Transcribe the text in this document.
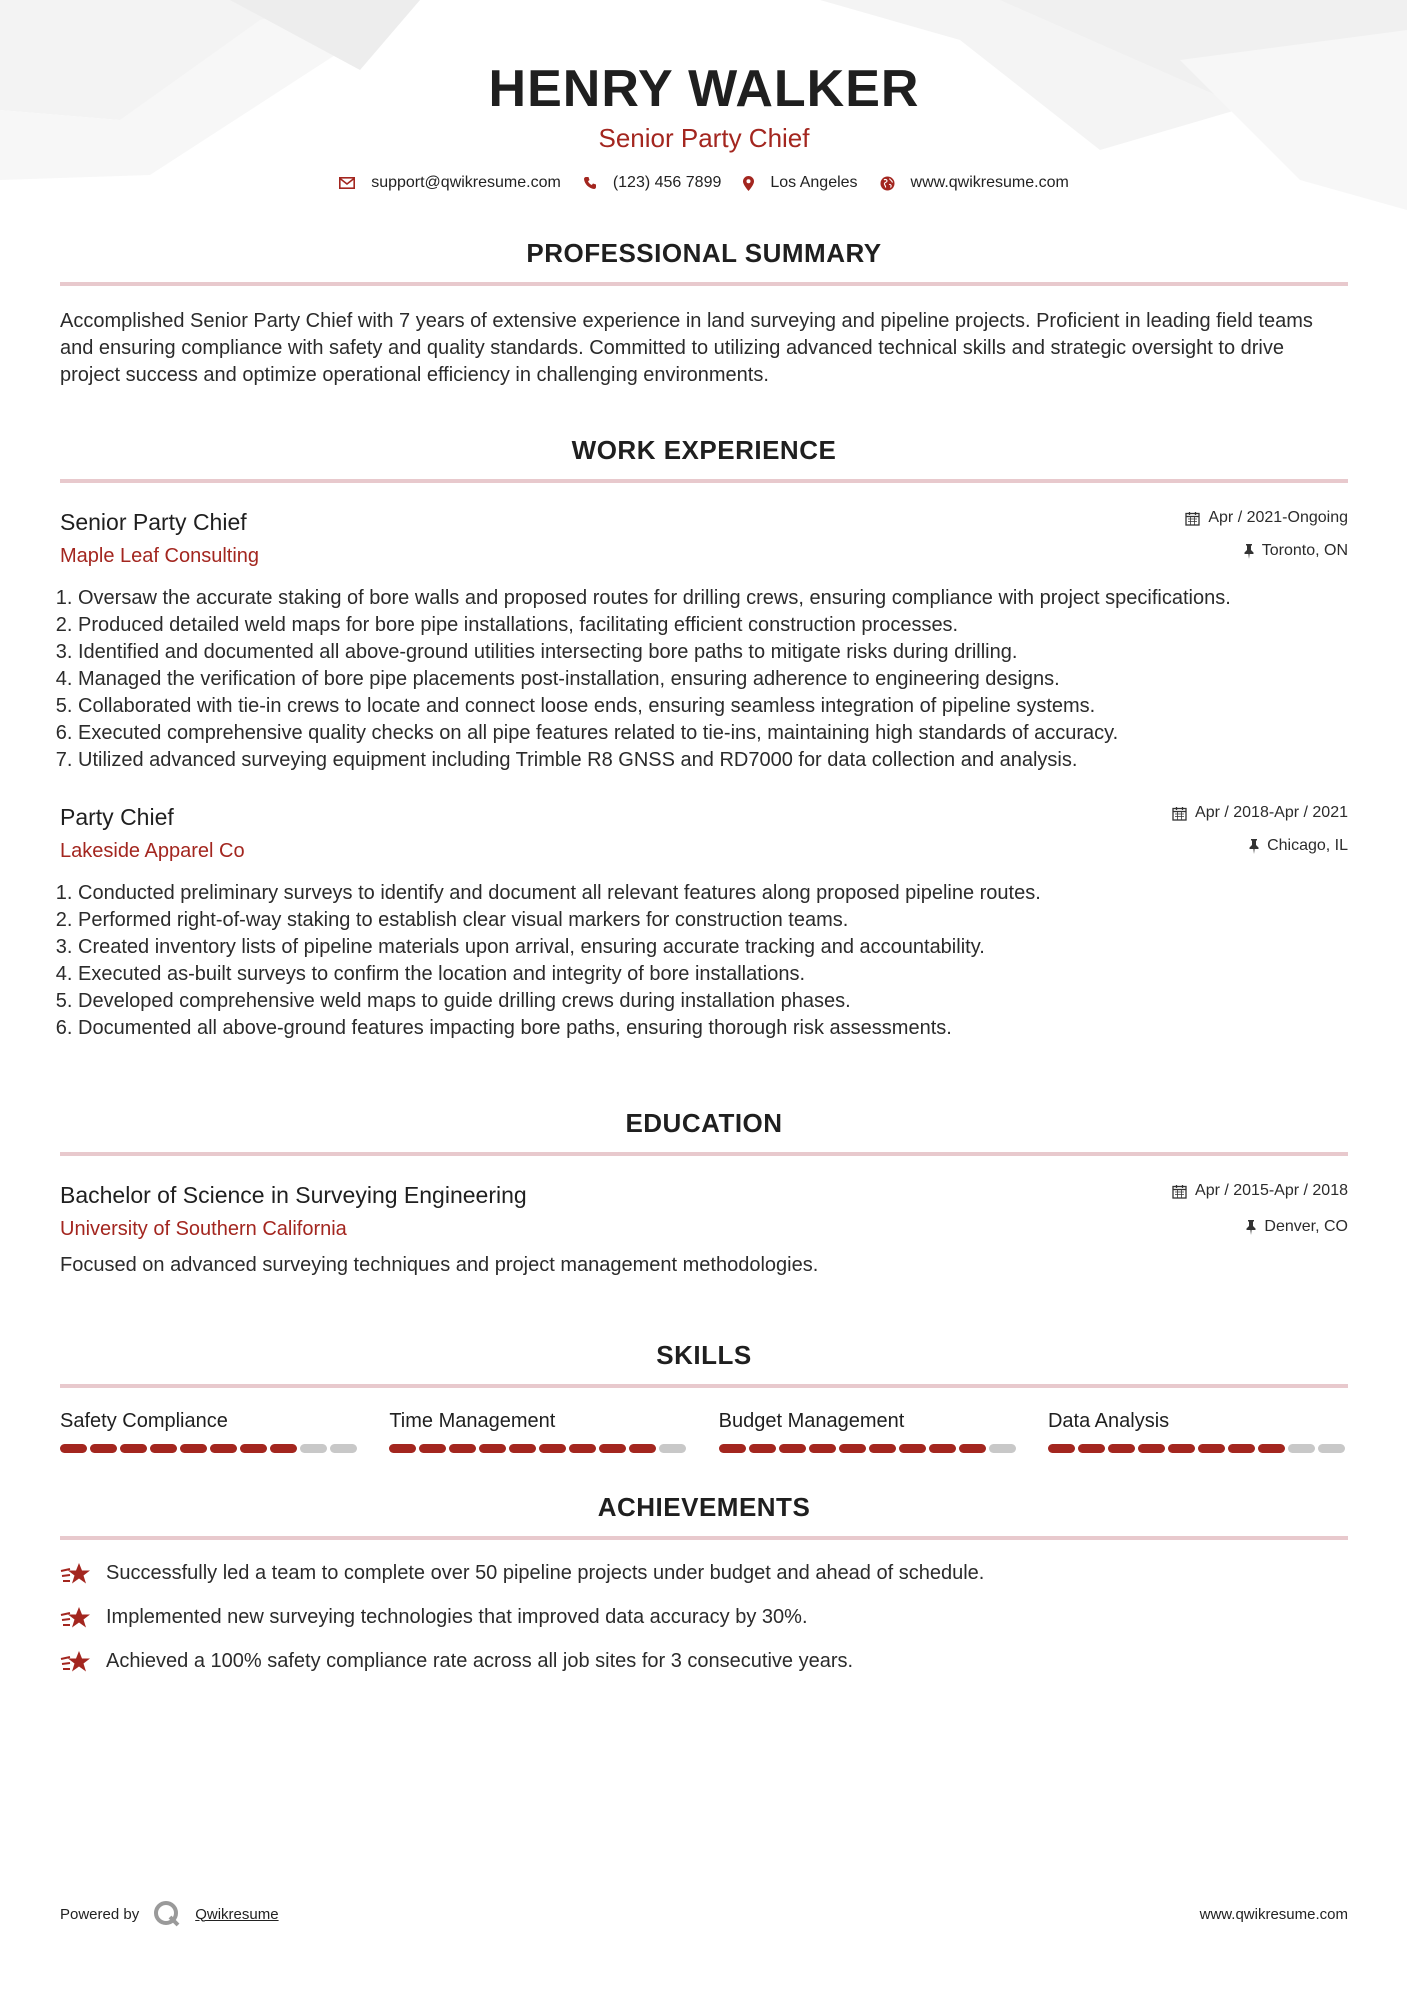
HENRY WALKER
Senior Party Chief
support@qwikresume.com	(123) 456 7899	Los Angeles	www.qwikresume.com
PROFESSIONAL SUMMARY
Accomplished Senior Party Chief with 7 years of extensive experience in land surveying and pipeline projects. Proficient in leading field teams and ensuring compliance with safety and quality standards. Committed to utilizing advanced technical skills and strategic oversight to drive project success and optimize operational efficiency in challenging environments.
WORK EXPERIENCE
Senior Party Chief
Maple Leaf Consulting
Apr / 2021-Ongoing
Toronto, ON
1. Oversaw the accurate staking of bore walls and proposed routes for drilling crews, ensuring compliance with project specifications.
2. Produced detailed weld maps for bore pipe installations, facilitating efficient construction processes.
3. Identified and documented all above-ground utilities intersecting bore paths to mitigate risks during drilling.
4. Managed the verification of bore pipe placements post-installation, ensuring adherence to engineering designs.
5. Collaborated with tie-in crews to locate and connect loose ends, ensuring seamless integration of pipeline systems.
6. Executed comprehensive quality checks on all pipe features related to tie-ins, maintaining high standards of accuracy.
7. Utilized advanced surveying equipment including Trimble R8 GNSS and RD7000 for data collection and analysis.
Party Chief
Lakeside Apparel Co
Apr / 2018-Apr / 2021
Chicago, IL
1. Conducted preliminary surveys to identify and document all relevant features along proposed pipeline routes.
2. Performed right-of-way staking to establish clear visual markers for construction teams.
3. Created inventory lists of pipeline materials upon arrival, ensuring accurate tracking and accountability.
4. Executed as-built surveys to confirm the location and integrity of bore installations.
5. Developed comprehensive weld maps to guide drilling crews during installation phases.
6. Documented all above-ground features impacting bore paths, ensuring thorough risk assessments.
EDUCATION
Bachelor of Science in Surveying Engineering
University of Southern California
Apr / 2015-Apr / 2018
Denver, CO
Focused on advanced surveying techniques and project management methodologies.
SKILLS
Safety Compliance	Time Management	Budget Management	Data Analysis
ACHIEVEMENTS
Successfully led a team to complete over 50 pipeline projects under budget and ahead of schedule.
Implemented new surveying technologies that improved data accuracy by 30%.
Achieved a 100% safety compliance rate across all job sites for 3 consecutive years.
Powered by	Qwikresume	www.qwikresume.com
